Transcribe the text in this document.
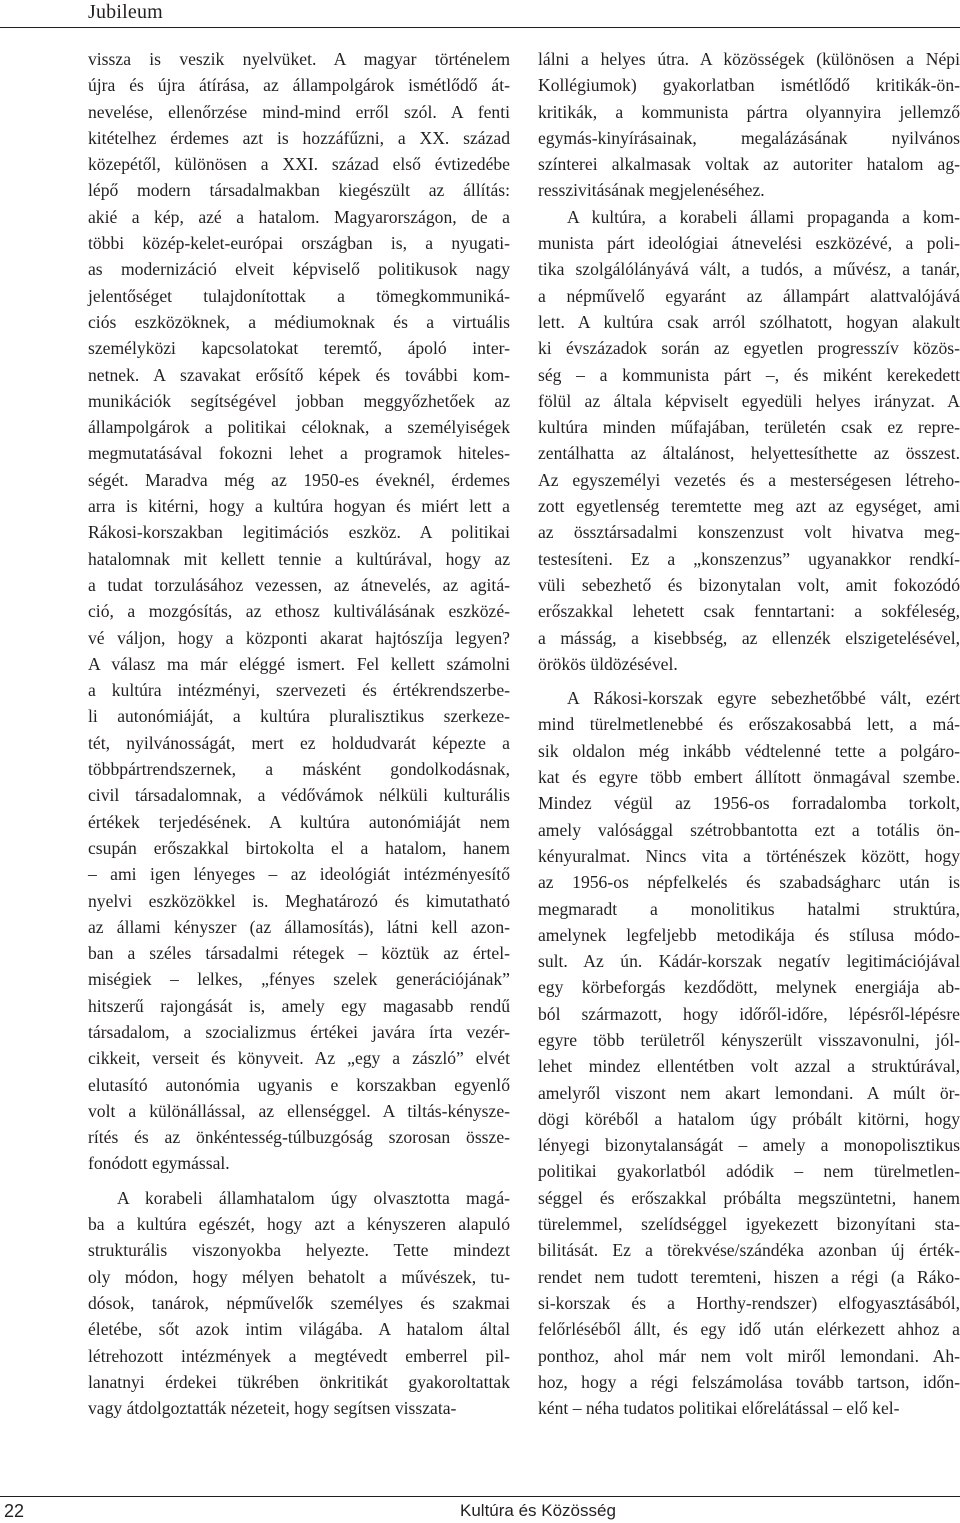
Jubileum
vissza is veszik nyelvüket. A magyar történelem
újra és újra átírása, az állampolgárok ismétlődő át-
nevelése, ellenőrzése mind-mind erről szól. A fenti
kitételhez érdemes azt is hozzáfűzni, a XX. század
közepétől, különösen a XXI. század első évtizedébe
lépő modern társadalmakban kiegészült az állítás:
akié a kép, azé a hatalom. Magyarországon, de a
többi közép-kelet-európai országban is, a nyugati-
as modernizáció elveit képviselő politikusok nagy
jelentőséget tulajdonítottak a tömegkommuniká-
ciós eszközöknek, a médiumoknak és a virtuális
személyközi kapcsolatokat teremtő, ápoló inter-
netnek. A szavakat erősítő képek és további kom-
munikációk segítségével jobban meggyőzhetőek az
állampolgárok a politikai céloknak, a személyiségek
megmutatásával fokozni lehet a programok hiteles-
ségét. Maradva még az 1950-es éveknél, érdemes
arra is kitérni, hogy a kultúra hogyan és miért lett a
Rákosi-korszakban legitimációs eszköz. A politikai
hatalomnak mit kellett tennie a kultúrával, hogy az
a tudat torzulásához vezessen, az átnevelés, az agitá-
ció, a mozgósítás, az ethosz kultiválásának eszközé-
vé váljon, hogy a központi akarat hajtószíja legyen?
A válasz ma már eléggé ismert. Fel kellett számolni
a kultúra intézményi, szervezeti és értékrendszerbe-
li autonómiáját, a kultúra pluralisztikus szerkeze-
tét, nyilvánosságát, mert ez holdudvarát képezte a
többpártrendszernek, a másként gondolkodásnak,
civil társadalomnak, a védővámok nélküli kulturális
értékek terjedésének. A kultúra autonómiáját nem
csupán erőszakkal birtokolta el a hatalom, hanem
– ami igen lényeges – az ideológiát intézményesítő
nyelvi eszközökkel is. Meghatározó és kimutatható
az állami kényszer (az államosítás), látni kell azon-
ban a széles társadalmi rétegek – köztük az értel-
miségiek – lelkes, „fényes szelek generációjának”
hitszerű rajongását is, amely egy magasabb rendű
társadalom, a szocializmus értékei javára írta vezér-
cikkeit, verseit és könyveit. Az „egy a zászló” elvét
elutasító autonómia ugyanis e korszakban egyenlő
volt a különállással, az ellenséggel. A tiltás-kénysze-
rítés és az önkéntesség-túlbuzgóság szorosan össze-
fonódott egymással.
A korabeli államhatalom úgy olvasztotta magá-
ba a kultúra egészét, hogy azt a kényszeren alapuló
strukturális viszonyokba helyezte. Tette mindezt
oly módon, hogy mélyen behatolt a művészek, tu-
dósok, tanárok, népművelők személyes és szakmai
életébe, sőt azok intim világába. A hatalom által
létrehozott intézmények a megtévedt emberrel pil-
lanatnyi érdekei tükrében önkritikát gyakoroltattak
vagy átdolgoztatták nézeteit, hogy segítsen visszata-
lálni a helyes útra. A közösségek (különösen a Népi
Kollégiumok) gyakorlatban ismétlődő kritikák-ön-
kritikák, a kommunista pártra olyannyira jellemző
egymás-kinyírásainak, megalázásának nyilvános
színterei alkalmasak voltak az autoriter hatalom ag-
resszivitásának megjelenéséhez.
A kultúra, a korabeli állami propaganda a kom-
munista párt ideológiai átnevelési eszközévé, a poli-
tika szolgálólányává vált, a tudós, a művész, a tanár,
a népművelő egyaránt az állampárt alattvalójává
lett. A kultúra csak arról szólhatott, hogyan alakult
ki évszázadok során az egyetlen progresszív közös-
ség – a kommunista párt –, és miként kerekedett
fölül az általa képviselt egyedüli helyes irányzat. A
kultúra minden műfajában, területén csak ez repre-
zentálhatta az általánost, helyettesíthette az összest.
Az egyszemélyi vezetés és a mesterségesen létreho-
zott egyetlenség teremtette meg azt az egységet, ami
az össztársadalmi konszenzust volt hivatva meg-
testesíteni. Ez a „konszenzus” ugyanakkor rendkí-
vüli sebezhető és bizonytalan volt, amit fokozódó
erőszakkal lehetett csak fenntartani: a sokféleség,
a másság, a kisebbség, az ellenzék elszigetelésével,
örökös üldözésével.
A Rákosi-korszak egyre sebezhetőbbé vált, ezért
mind türelmetlenebbé és erőszakosabbá lett, a má-
sik oldalon még inkább védtelenné tette a polgáro-
kat és egyre több embert állított önmagával szembe.
Mindez végül az 1956-os forradalomba torkolt,
amely valósággal szétrobbantotta ezt a totális ön-
kényuralmat. Nincs vita a történészek között, hogy
az 1956-os népfelkelés és szabadságharc után is
megmaradt a monolitikus hatalmi struktúra,
amelynek legfeljebb metodikája és stílusa módo-
sult. Az ún. Kádár-korszak negatív legitimációjával
egy körbeforgás kezdődött, melynek energiája ab-
ból származott, hogy időről-időre, lépésről-lépésre
egyre több területről kényszerült visszavonulni, jól-
lehet mindez ellentétben volt azzal a struktúrával,
amelyről viszont nem akart lemondani. A múlt ör-
dögi köréből a hatalom úgy próbált kitörni, hogy
lényegi bizonytalanságát – amely a monopolisztikus
politikai gyakorlatból adódik – nem türelmetlen-
séggel és erőszakkal próbálta megszüntetni, hanem
türelemmel, szelídséggel igyekezett bizonyítani sta-
bilitását. Ez a törekvése/szándéka azonban új érték-
rendet nem tudott teremteni, hiszen a régi (a Ráko-
si-korszak és a Horthy-rendszer) elfogyasztásából,
felőrléséből állt, és egy idő után elérkezett ahhoz a
ponthoz, ahol már nem volt miről lemondani. Ah-
hoz, hogy a régi felszámolása tovább tartson, időn-
ként – néha tudatos politikai előrelátással – elő kel-
22	Kultúra és Közösség
